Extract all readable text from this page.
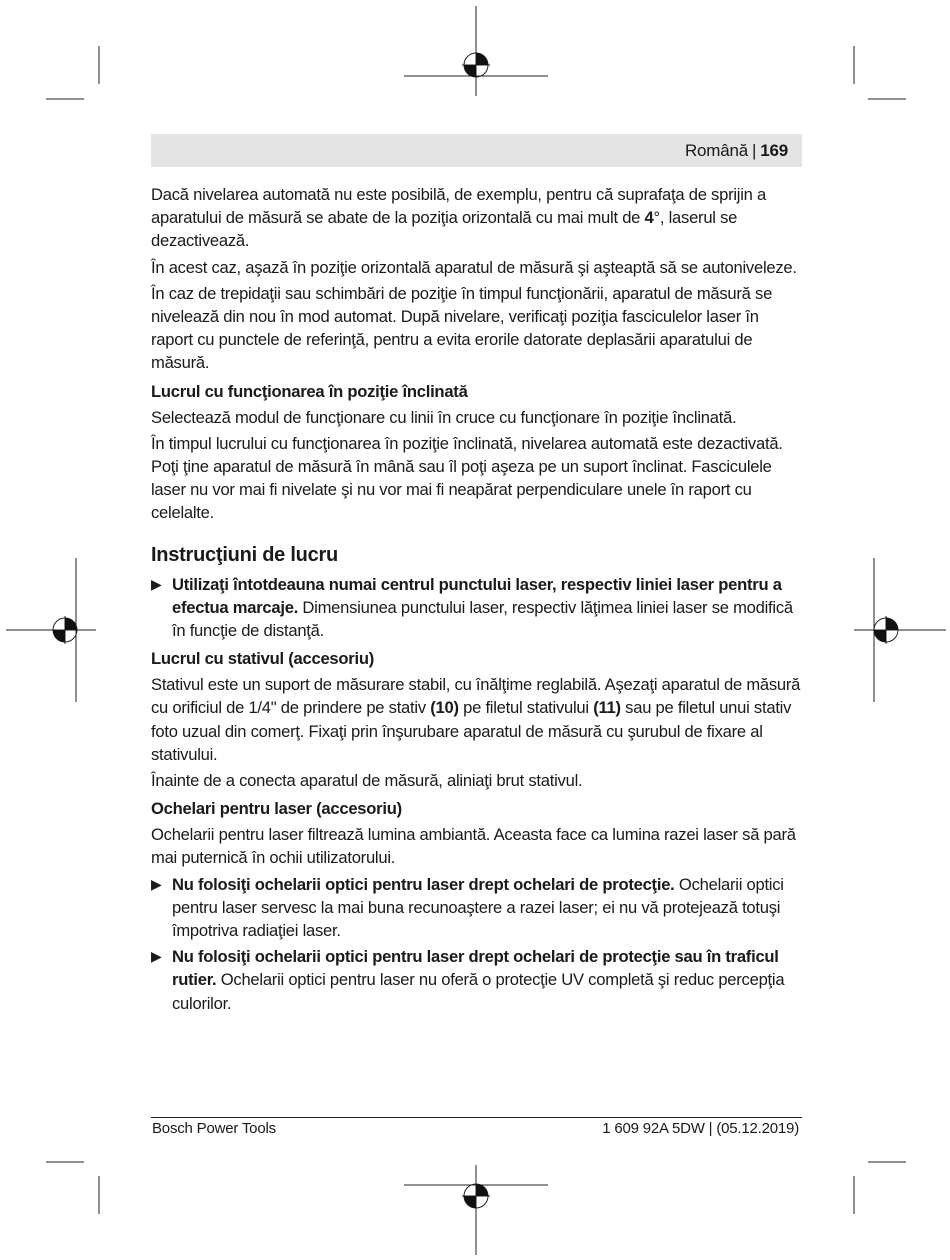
Română | 169

Dacă nivelarea automată nu este posibilă, de exemplu, pentru că suprafaţa de sprijin a aparatului de măsură se abate de la poziţia orizontală cu mai mult de 4°, laserul se dezactivează.

În acest caz, aşază în poziţie orizontală aparatul de măsură şi aşteaptă să se autoniveleze.

În caz de trepidaţii sau schimbări de poziţie în timpul funcţionării, aparatul de măsură se nivelează din nou în mod automat. După nivelare, verificaţi poziţia fasciculelor laser în raport cu punctele de referinţă, pentru a evita erorile datorate deplasării aparatului de măsură.

Lucrul cu funcţionarea în poziţie înclinată

Selectează modul de funcţionare cu linii în cruce cu funcţionare în poziţie înclinată.

În timpul lucrului cu funcţionarea în poziţie înclinată, nivelarea automată este dezactivată. Poţi ţine aparatul de măsură în mână sau îl poţi aşeza pe un suport înclinat. Fasciculele laser nu vor mai fi nivelate şi nu vor mai fi neapărat perpendiculare unele în raport cu celelalte.

Instrucţiuni de lucru
▶ Utilizaţi întotdeauna numai centrul punctului laser, respectiv liniei laser pentru a efectua marcaje. Dimensiunea punctului laser, respectiv lăţimea liniei laser se modifică în funcţie de distanţă.
Lucrul cu stativul (accesoriu)

Stativul este un suport de măsurare stabil, cu înălţime reglabilă. Aşezaţi aparatul de măsură cu orificiul de 1/4" de prindere pe stativ (10) pe filetul stativului (11) sau pe filetul unui stativ foto uzual din comerţ. Fixaţi prin înşurubare aparatul de măsură cu şurubul de fixare al stativului.

Înainte de a conecta aparatul de măsură, aliniaţi brut stativul.

Ochelari pentru laser (accesoriu)

Ochelarii pentru laser filtrează lumina ambiantă. Aceasta face ca lumina razei laser să pară mai puternică în ochii utilizatorului.

▶ Nu folosiţi ochelarii optici pentru laser drept ochelari de protecţie. Ochelarii optici pentru laser servesc la mai buna recunoaştere a razei laser; ei nu vă protejează totuşi împotriva radiaţiei laser.
▶ Nu folosiţi ochelarii optici pentru laser drept ochelari de protecţie sau în traficul rutier. Ochelarii optici pentru laser nu oferă o protecţie UV completă şi reduc percepţia culorilor.
Bosch Power Tools	1 609 92A 5DW | (05.12.2019)
